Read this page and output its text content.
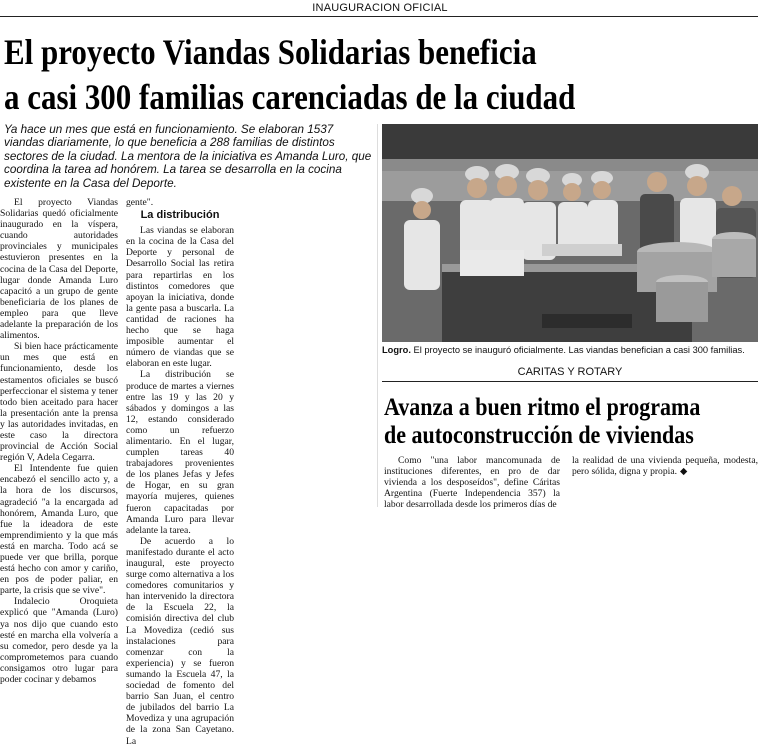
INAUGURACION OFICIAL
El proyecto Viandas Solidarias beneficia
a casi 300 familias carenciadas de la ciudad
Ya hace un mes que está en funcionamiento. Se elaboran 1537 viandas diariamente, lo que beneficia a 288 familias de distintos sectores de la ciudad. La mentora de la iniciativa es Amanda Luro, que coordina la tarea ad honórem. La tarea se desarrolla en la cocina existente en la Casa del Deporte.

El proyecto Viandas Solidarias quedó oficialmente inaugurado en la víspera, cuando autoridades provinciales y municipales estuvieron presentes en la cocina de la Casa del Deporte, lugar donde Amanda Luro capacitó a un grupo de gente beneficiaria de los planes de empleo para que lleve adelante la preparación de los alimentos.

Si bien hace prácticamente un mes que está en funcionamiento, desde los estamentos oficiales se buscó perfeccionar el sistema y tener todo bien aceitado para hacer la presentación ante la prensa y las autoridades invitadas, en este caso la directora provincial de Acción Social región V, Adela Cegarra.

El Intendente fue quien encabezó el sencillo acto y, a la hora de los discursos, agradeció "a la encargada ad honórem, Amanda Luro, que fue la ideadora de este emprendimiento y la que más está en marcha. Todo acá se puede ver que brilla, porque está hecho con amor y cariño, en pos de poder paliar, en parte, la crisis que se vive".

Indalecio Oroquieta explicó que "Amanda (Luro) ya nos dijo que cuando esto esté en marcha ella volvería a su comedor, pero desde ya la comprometemos para cuando consigamos otro lugar para poder cocinar y debamos

gente".

La distribución

Las viandas se elaboran en la cocina de la Casa del Deporte y personal de Desarrollo Social las retira para repartirlas en los distintos comedores que apoyan la iniciativa, donde la gente pasa a buscarla. La cantidad de raciones ha hecho que se haga imposible aumentar el número de viandas que se elaboran en este lugar.

La distribución se produce de martes a viernes entre las 19 y las 20 y sábados y domingos a las 12, estando considerado como un refuerzo alimentario. En el lugar, cumplen tareas 40 trabajadores provenientes de los planes Jefas y Jefes de Hogar, en su gran mayoría mujeres, quienes fueron capacitadas por Amanda Luro para llevar adelante la tarea.

De acuerdo a lo manifestado durante el acto inaugural, este proyecto surge como alternativa a los comedores comunitarios y han intervenido la directora de la Escuela 22, la comisión directiva del club La Movediza (cedió sus instalaciones para comenzar con la experiencia) y se fueron sumando la Escuela 47, la sociedad de fomento del barrio San Juan, el centro de jubilados del barrio La Movediza y una agrupación de la zona San Cayetano. La

Logro. El proyecto se inauguró oficialmente. Las viandas benefician a casi 300 familias.
CARITAS Y ROTARY
Avanza a buen ritmo el programa
de autoconstrucción de viviendas

Como "una labor mancomunada de instituciones diferentes, en pro de dar vivienda a los desposeídos", define Cáritas Argentina (Fuerte Independencia 357) la labor desarrollada desde los primeros días de

la realidad de una vivienda pequeña, modesta, pero sólida, digna y propia. ◆
